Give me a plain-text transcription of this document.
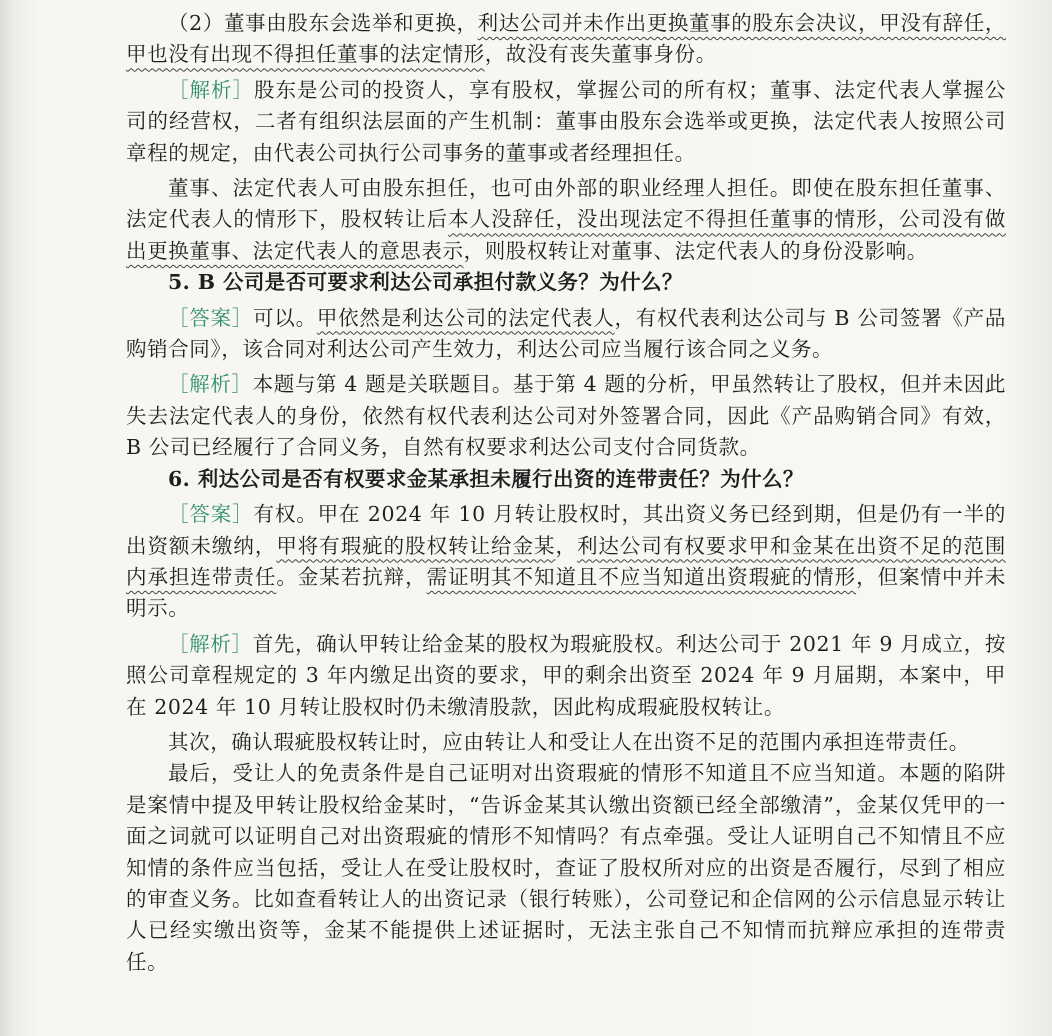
（2）董事由股东会选举和更换，利达公司并未作出更换董事的股东会决议，甲没有辞任，甲也没有出现不得担任董事的法定情形，故没有丧失董事身份。

［解析］股东是公司的投资人，享有股权，掌握公司的所有权；董事、法定代表人掌握公司的经营权，二者有组织法层面的产生机制：董事由股东会选举或更换，法定代表人按照公司章程的规定，由代表公司执行公司事务的董事或者经理担任。

董事、法定代表人可由股东担任，也可由外部的职业经理人担任。即使在股东担任董事、法定代表人的情形下，股权转让后本人没辞任，没出现法定不得担任董事的情形，公司没有做出更换董事、法定代表人的意思表示，则股权转让对董事、法定代表人的身份没影响。

5. B 公司是否可要求利达公司承担付款义务？为什么？

［答案］可以。甲依然是利达公司的法定代表人，有权代表利达公司与 B 公司签署《产品购销合同》，该合同对利达公司产生效力，利达公司应当履行该合同之义务。

［解析］本题与第 4 题是关联题目。基于第 4 题的分析，甲虽然转让了股权，但并未因此失去法定代表人的身份，依然有权代表利达公司对外签署合同，因此《产品购销合同》有效，B 公司已经履行了合同义务，自然有权要求利达公司支付合同货款。

6. 利达公司是否有权要求金某承担未履行出资的连带责任？为什么？

［答案］有权。甲在 2024 年 10 月转让股权时，其出资义务已经到期，但是仍有一半的出资额未缴纳，甲将有瑕疵的股权转让给金某，利达公司有权要求甲和金某在出资不足的范围内承担连带责任。金某若抗辩，需证明其不知道且不应当知道出资瑕疵的情形，但案情中并未明示。

［解析］首先，确认甲转让给金某的股权为瑕疵股权。利达公司于 2021 年 9 月成立，按照公司章程规定的 3 年内缴足出资的要求，甲的剩余出资至 2024 年 9 月届期，本案中，甲在 2024 年 10 月转让股权时仍未缴清股款，因此构成瑕疵股权转让。

其次，确认瑕疵股权转让时，应由转让人和受让人在出资不足的范围内承担连带责任。

最后，受让人的免责条件是自己证明对出资瑕疵的情形不知道且不应当知道。本题的陷阱是案情中提及甲转让股权给金某时，“告诉金某其认缴出资额已经全部缴清”，金某仅凭甲的一面之词就可以证明自己对出资瑕疵的情形不知情吗？有点牵强。受让人证明自己不知情且不应知情的条件应当包括，受让人在受让股权时，查证了股权所对应的出资是否履行，尽到了相应的审查义务。比如查看转让人的出资记录（银行转账），公司登记和企信网的公示信息显示转让人已经实缴出资等，金某不能提供上述证据时，无法主张自己不知情而抗辩应承担的连带责任。
